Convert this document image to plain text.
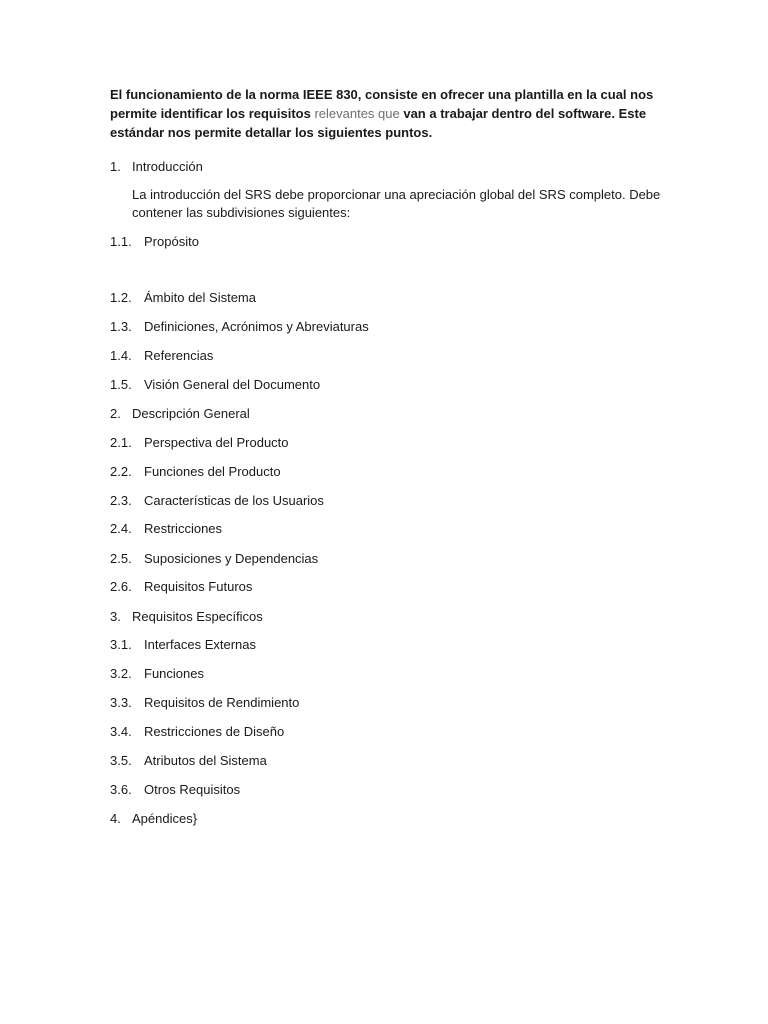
El funcionamiento de la norma IEEE 830, consiste en ofrecer una plantilla en la cual nos permite identificar los requisitos relevantes que van a trabajar dentro del software. Este estándar nos permite detallar los siguientes puntos.

1. Introducción
La introducción del SRS debe proporcionar una apreciación global del SRS completo. Debe contener las subdivisiones siguientes:
1.1. Propósito
1.2. Ámbito del Sistema
1.3. Definiciones, Acrónimos y Abreviaturas
1.4. Referencias
1.5. Visión General del Documento
2. Descripción General
2.1. Perspectiva del Producto
2.2. Funciones del Producto
2.3. Características de los Usuarios
2.4. Restricciones
2.5. Suposiciones y Dependencias
2.6. Requisitos Futuros
3. Requisitos Específicos
3.1. Interfaces Externas
3.2. Funciones
3.3. Requisitos de Rendimiento
3.4. Restricciones de Diseño
3.5. Atributos del Sistema
3.6. Otros Requisitos
4. Apéndices}
